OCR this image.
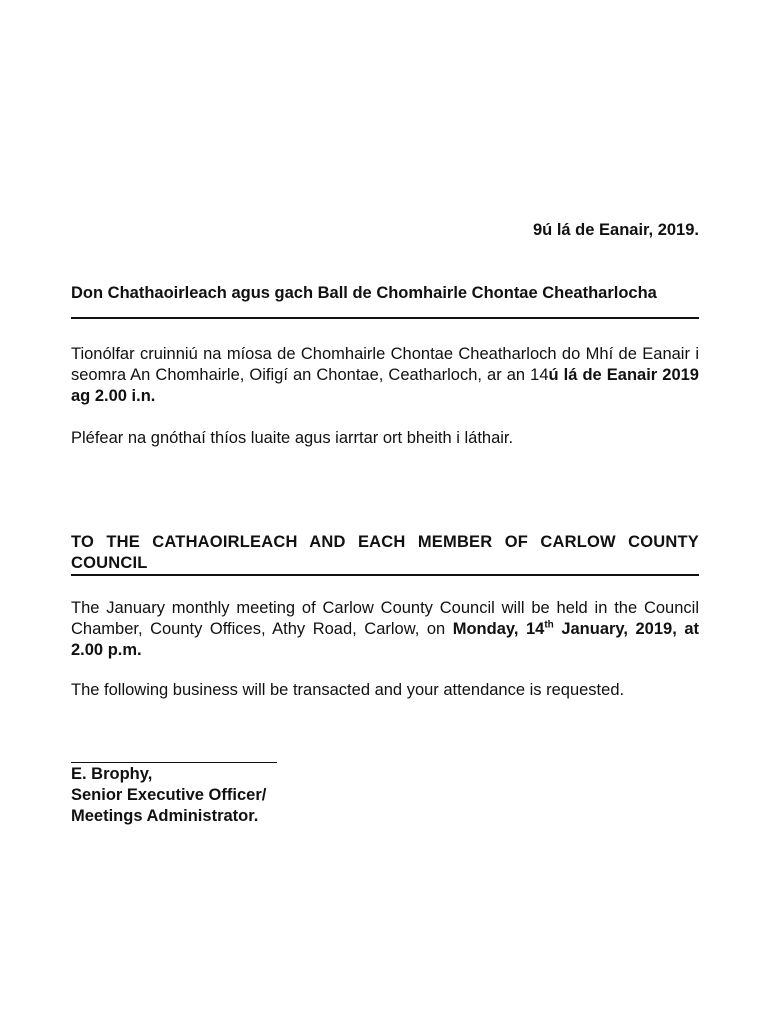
9ú lá de Eanair, 2019.
Don Chathaoirleach agus gach Ball de Chomhairle Chontae Cheatharlocha

Tionólfar cruinniú na míosa de Chomhairle Chontae Cheatharloch do Mhí de Eanair i seomra An Chomhairle, Oifigí an Chontae, Ceatharloch, ar an 14ú lá de Eanair 2019 ag 2.00 i.n.

Pléfear na gnóthaí thíos luaite agus iarrtar ort bheith i láthair.

TO THE CATHAOIRLEACH AND EACH MEMBER OF CARLOW COUNTY COUNCIL

The January monthly meeting of Carlow County Council will be held in the Council Chamber, County Offices, Athy Road, Carlow, on Monday, 14th January, 2019, at 2.00 p.m.

The following business will be transacted and your attendance is requested.

E. Brophy,
Senior Executive Officer/
Meetings Administrator.
